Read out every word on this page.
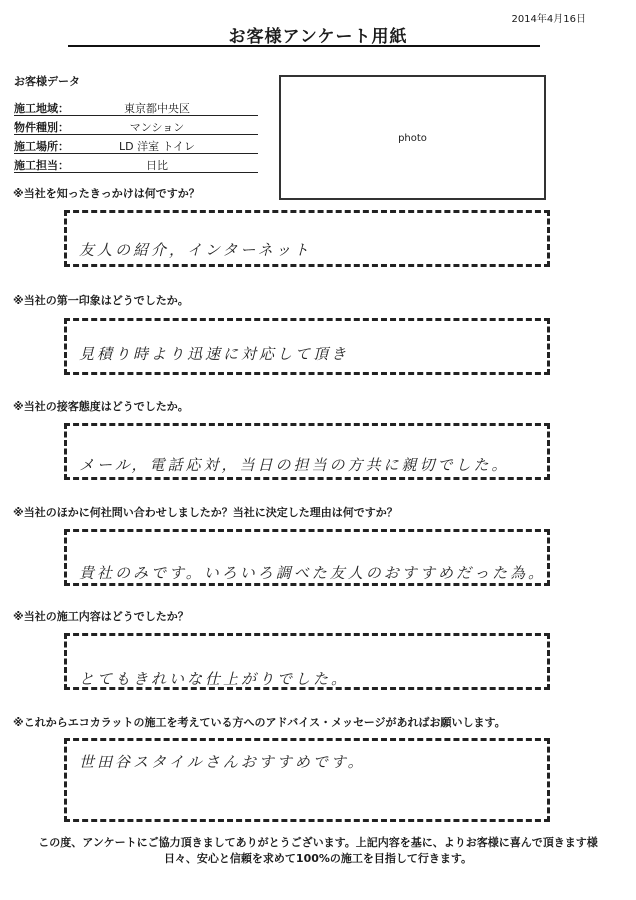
2014年4月16日
お客様アンケート用紙
お客様データ
施工地域：	東京都中央区
物件種別：	マンション
施工場所：	LD 洋室 トイレ
施工担当：	日比
photo
※当社を知ったきっかけは何ですか？
友人の紹介，インターネット
※当社の第一印象はどうでしたか。
見積り時より迅速に対応して頂き
※当社の接客態度はどうでしたか。
メール，電話応対，当日の担当の方共に親切でした。
※当社のほかに何社問い合わせしましたか？当社に決定した理由は何ですか？
貴社のみです。いろいろ調べた友人のおすすめだった為。
※当社の施工内容はどうでしたか？
とてもきれいな仕上がりでした。
※これからエコカラットの施工を考えている方へのアドバイス・メッセージがあればお願いします。
世田谷スタイルさんおすすめです。
この度、アンケートにご協力頂きましてありがとうございます。上記内容を基に、よりお客様に喜んで頂きます様
日々、安心と信頼を求めて100%の施工を目指して行きます。
